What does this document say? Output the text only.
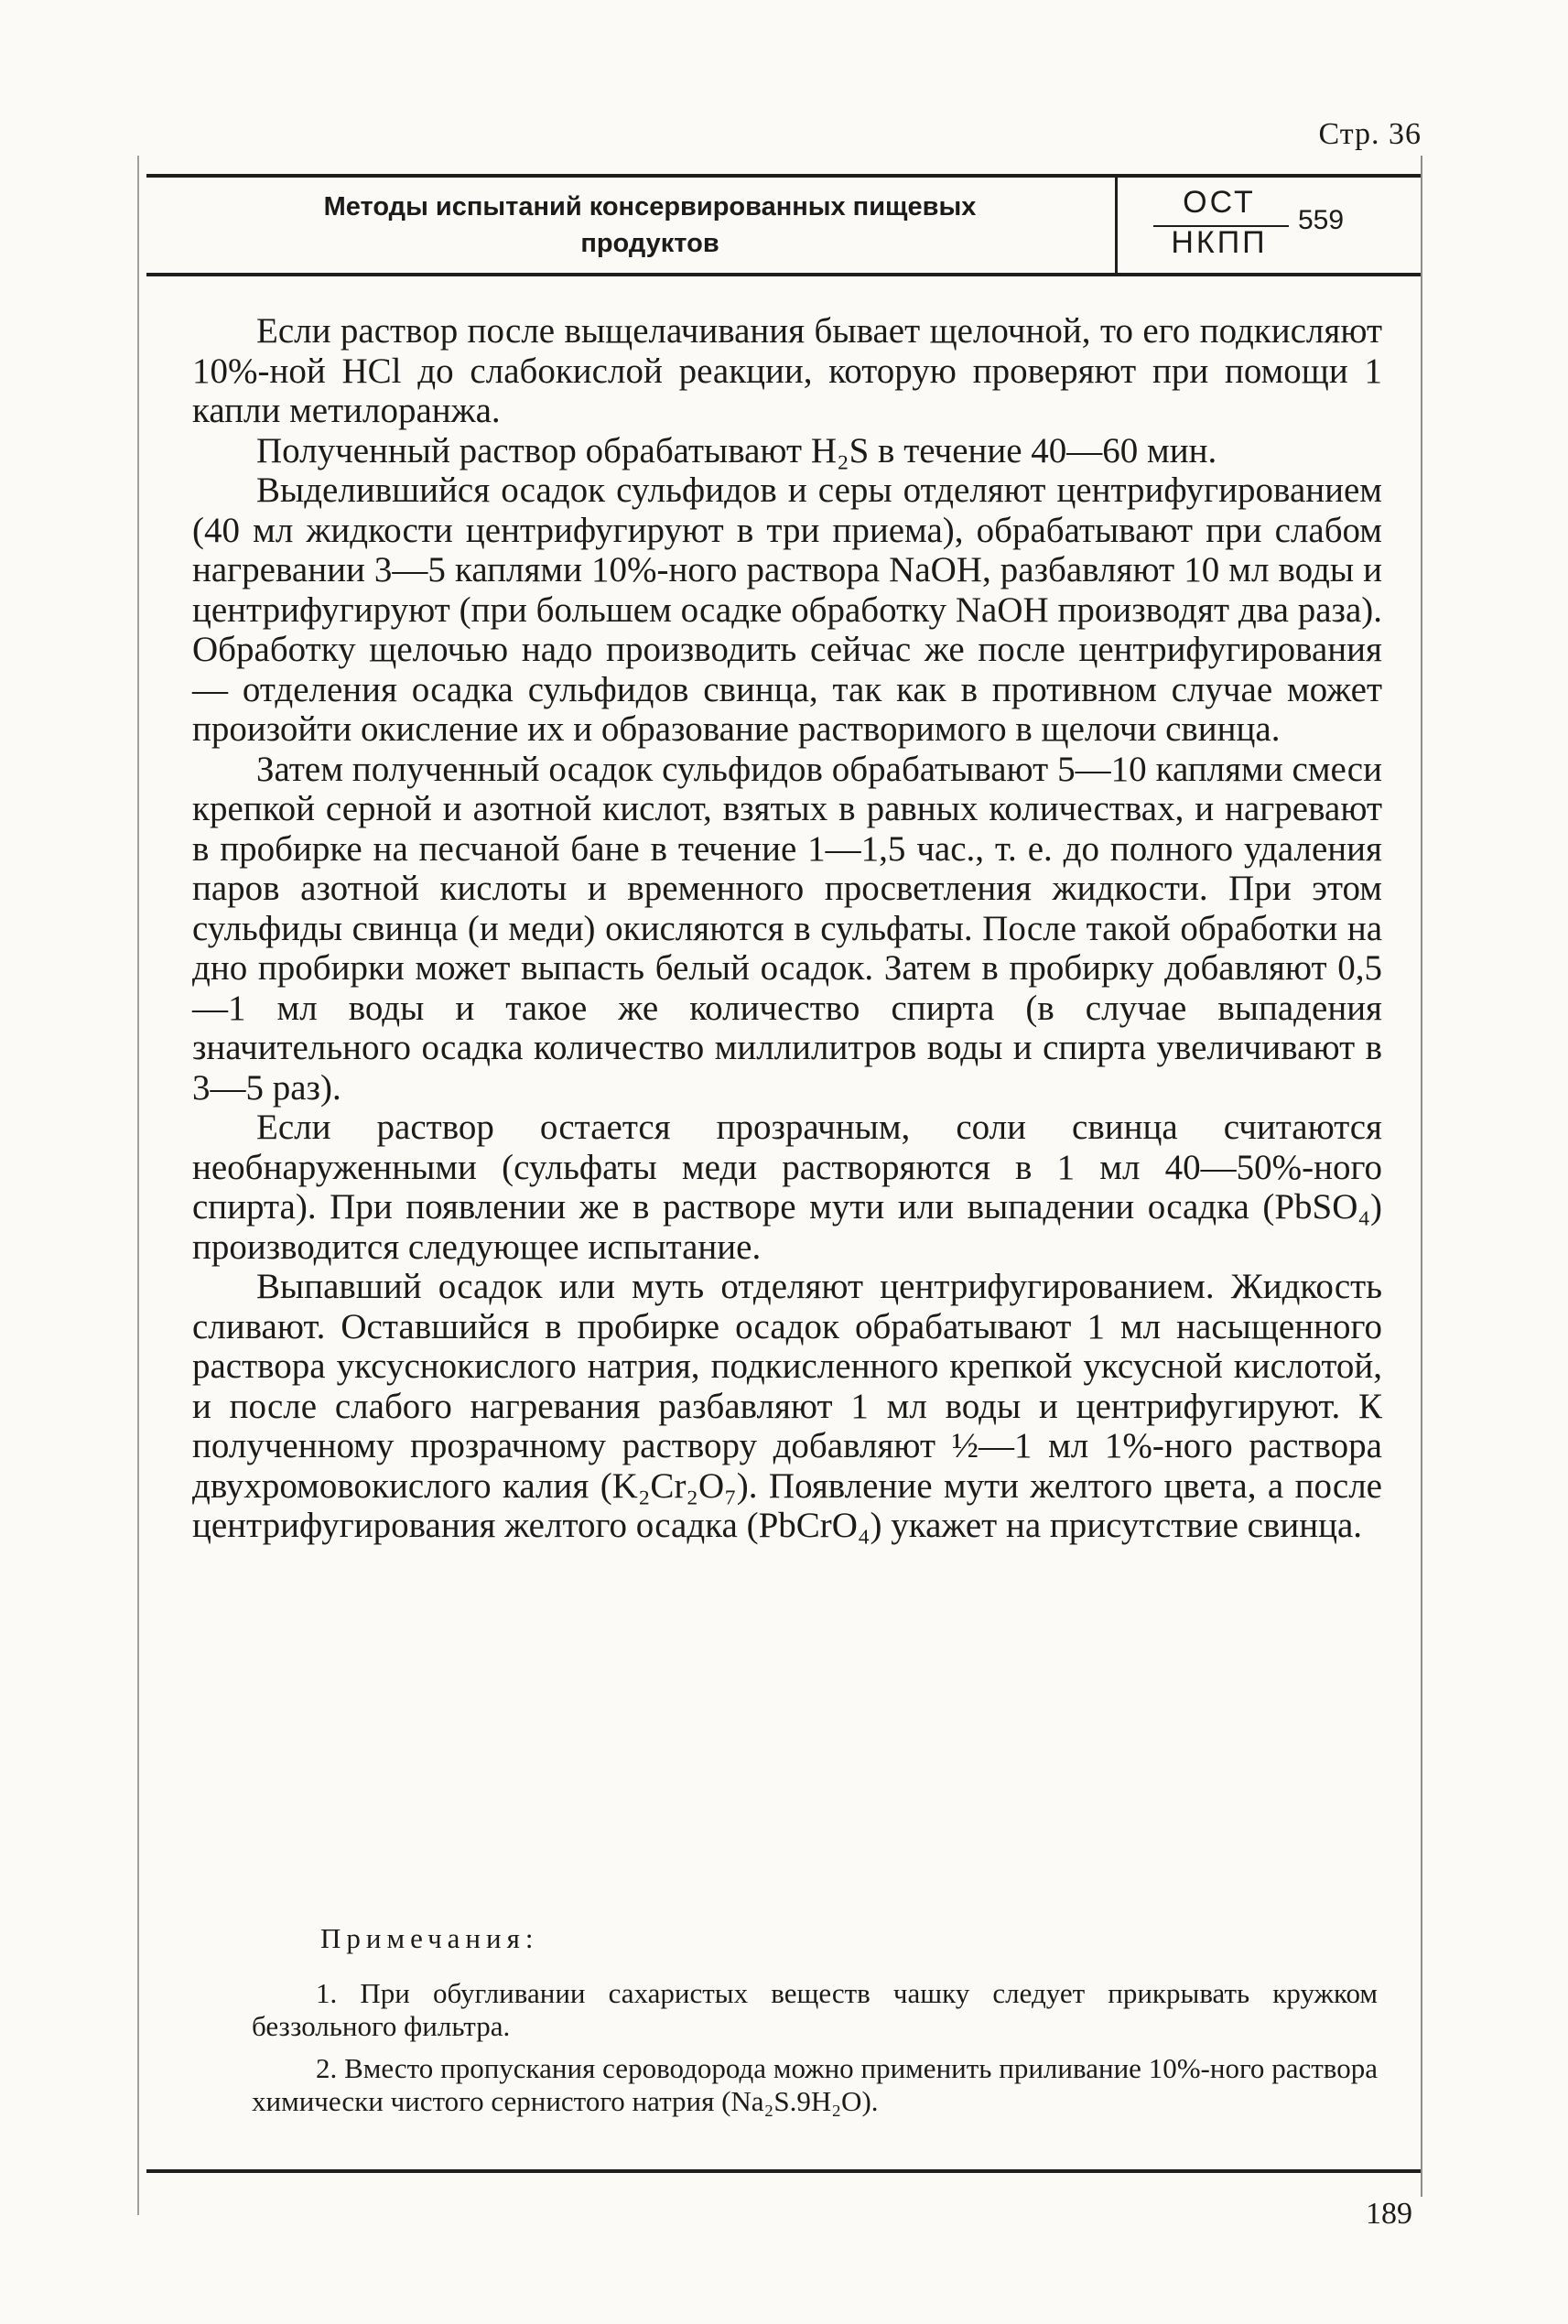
Стр. 36
Методы испытаний консервированных пищевых
продуктов
ОСТ
НКПП
559

Если раствор после выщелачивания бывает щелочной, то его подкисляют 10%-ной HCl до слабокислой реакции, которую проверяют при помощи 1 капли метилоранжа.

Полученный раствор обрабатывают H₂S в течение 40—60 мин.

Выделившийся осадок сульфидов и серы отделяют центрифугированием (40 мл жидкости центрифугируют в три приема), обрабатывают при слабом нагревании 3—5 каплями 10%-ного раствора NaOH, разбавляют 10 мл воды и центрифугируют (при большем осадке обработку NaOH производят два раза). Обработку щелочью надо производить сейчас же после центрифугирования — отделения осадка сульфидов свинца, так как в противном случае может произойти окисление их и образование растворимого в щелочи свинца.

Затем полученный осадок сульфидов обрабатывают 5—10 каплями смеси крепкой серной и азотной кислот, взятых в равных количествах, и нагревают в пробирке на песчаной бане в течение 1—1,5 час., т. е. до полного удаления паров азотной кислоты и временного просветления жидкости. При этом сульфиды свинца (и меди) окисляются в сульфаты. После такой обработки на дно пробирки может выпасть белый осадок. Затем в пробирку добавляют 0,5—1 мл воды и такое же количество спирта (в случае выпадения значительного осадка количество миллилитров воды и спирта увеличивают в 3—5 раз).

Если раствор остается прозрачным, соли свинца считаются необнаруженными (сульфаты меди растворяются в 1 мл 40—50%-ного спирта). При появлении же в растворе мути или выпадении осадка (PbSO₄) производится следующее испытание.

Выпавший осадок или муть отделяют центрифугированием. Жидкость сливают. Оставшийся в пробирке осадок обрабатывают 1 мл насыщенного раствора уксуснокислого натрия, подкисленного крепкой уксусной кислотой, и после слабого нагревания разбавляют 1 мл воды и центрифугируют. К полученному прозрачному раствору добавляют ½—1 мл 1%-ного раствора двухромовокислого калия (K₂Cr₂O₇). Появление мути желтого цвета, а после центрифугирования желтого осадка (PbCrO₄) укажет на присутствие свинца.

Примечания:

1. При обугливании сахаристых веществ чашку следует прикрывать кружком беззольного фильтра.

2. Вместо пропускания сероводорода можно применить приливание 10%-ного раствора химически чистого сернистого натрия (Na₂S.9H₂O).

189
